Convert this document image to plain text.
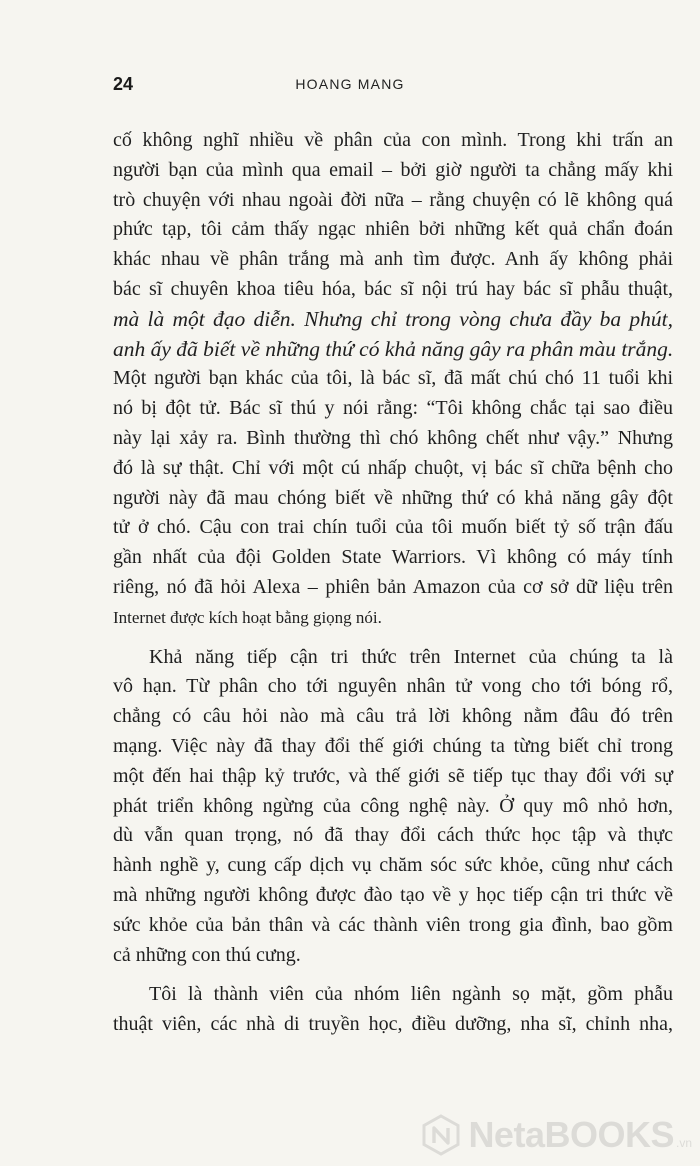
24	HOANG MANG
cố không nghĩ nhiều về phân của con mình. Trong khi trấn an
người bạn của mình qua email – bởi giờ người ta chẳng mấy khi
trò chuyện với nhau ngoài đời nữa – rằng chuyện có lẽ không quá
phức tạp, tôi cảm thấy ngạc nhiên bởi những kết quả chẩn đoán
khác nhau về phân trắng mà anh tìm được. Anh ấy không phải
bác sĩ chuyên khoa tiêu hóa, bác sĩ nội trú hay bác sĩ phẫu thuật,
mà là một đạo diễn. Nhưng chỉ trong vòng chưa đầy ba phút,
anh ấy đã biết về những thứ có khả năng gây ra phân màu trắng.
Một người bạn khác của tôi, là bác sĩ, đã mất chú chó 11 tuổi khi
nó bị đột tử. Bác sĩ thú y nói rằng: “Tôi không chắc tại sao điều
này lại xảy ra. Bình thường thì chó không chết như vậy.” Nhưng
đó là sự thật. Chỉ với một cú nhấp chuột, vị bác sĩ chữa bệnh cho
người này đã mau chóng biết về những thứ có khả năng gây đột
tử ở chó. Cậu con trai chín tuổi của tôi muốn biết tỷ số trận đấu
gần nhất của đội Golden State Warriors. Vì không có máy tính
riêng, nó đã hỏi Alexa – phiên bản Amazon của cơ sở dữ liệu trên
Internet được kích hoạt bằng giọng nói.
Khả năng tiếp cận tri thức trên Internet của chúng ta là
vô hạn. Từ phân cho tới nguyên nhân tử vong cho tới bóng rổ,
chẳng có câu hỏi nào mà câu trả lời không nằm đâu đó trên
mạng. Việc này đã thay đổi thế giới chúng ta từng biết chỉ trong
một đến hai thập kỷ trước, và thế giới sẽ tiếp tục thay đổi với sự
phát triển không ngừng của công nghệ này. Ở quy mô nhỏ hơn,
dù vẫn quan trọng, nó đã thay đổi cách thức học tập và thực
hành nghề y, cung cấp dịch vụ chăm sóc sức khỏe, cũng như cách
mà những người không được đào tạo về y học tiếp cận tri thức về
sức khỏe của bản thân và các thành viên trong gia đình, bao gồm
cả những con thú cưng.
Tôi là thành viên của nhóm liên ngành sọ mặt, gồm phẫu
thuật viên, các nhà di truyền học, điều dưỡng, nha sĩ, chỉnh nha,
NetaBOOKS .vn
